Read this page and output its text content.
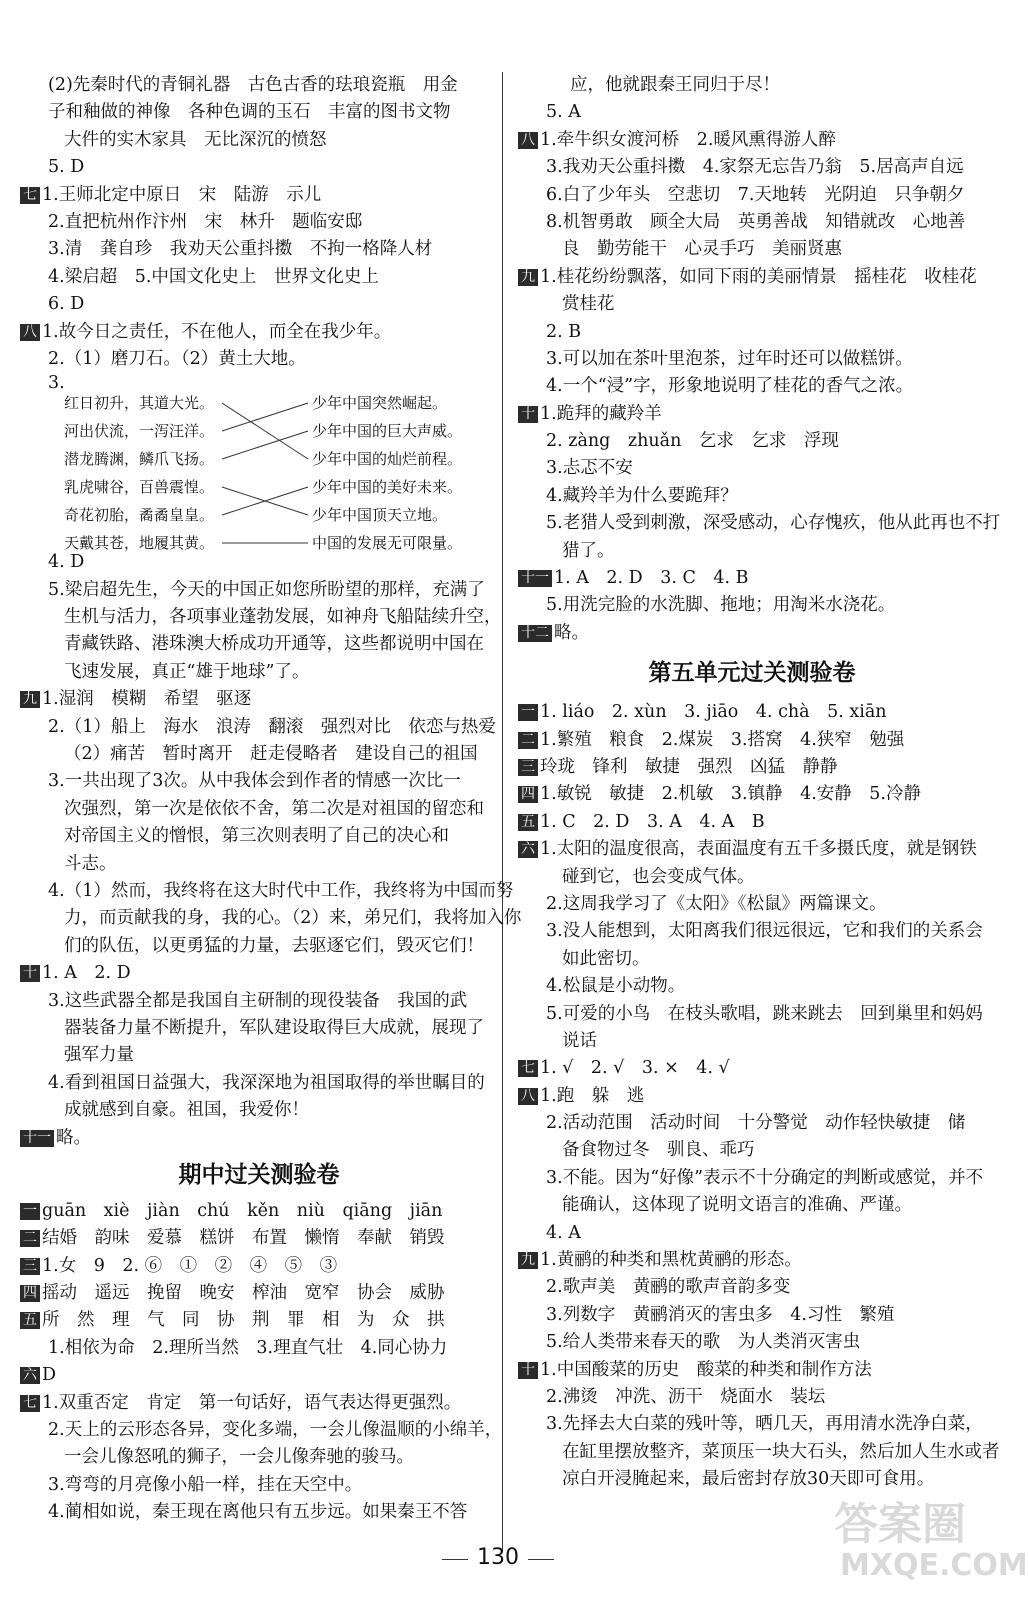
(2)先秦时代的青铜礼器　古色古香的珐琅瓷瓶　用金
子和釉做的神像　各种色调的玉石　丰富的图书文物
大件的实木家具　无比深沉的愤怒
5. D
七 1.王师北定中原日　宋　陆游　示儿
2.直把杭州作汴州　宋　林升　题临安邸
3.清　龚自珍　我劝天公重抖擞　不拘一格降人材
4.梁启超　5.中国文化史上　世界文化史上
6. D
八 1.故今日之责任，不在他人，而全在我少年。
2.（1）磨刀石。（2）黄土大地。
3.
红日初升，其道大光。
河出伏流，一泻汪洋。
潜龙腾渊，鳞爪飞扬。
乳虎啸谷，百兽震惶。
奇花初胎，矞矞皇皇。
天戴其苍，地履其黄。
少年中国突然崛起。
少年中国的巨大声威。
少年中国的灿烂前程。
少年中国的美好未来。
少年中国顶天立地。
中国的发展无可限量。
4. D
5.梁启超先生，今天的中国正如您所盼望的那样，充满了
生机与活力，各项事业蓬勃发展，如神舟飞船陆续升空，
青藏铁路、港珠澳大桥成功开通等，这些都说明中国在
飞速发展，真正“雄于地球”了。
九 1.湿润　模糊　希望　驱逐
2.（1）船上　海水　浪涛　翻滚　强烈对比　依恋与热爱
（2）痛苦　暂时离开　赶走侵略者　建设自己的祖国
3.一共出现了3次。从中我体会到作者的情感一次比一
次强烈，第一次是依依不舍，第二次是对祖国的留恋和
对帝国主义的憎恨，第三次则表明了自己的决心和
斗志。
4.（1）然而，我终将在这大时代中工作，我终将为中国而努
力，而贡献我的身，我的心。（2）来，弟兄们，我将加入你
们的队伍，以更勇猛的力量，去驱逐它们，毁灭它们！
十 1. A　2. D
3.这些武器全都是我国自主研制的现役装备　我国的武
器装备力量不断提升，军队建设取得巨大成就，展现了
强军力量
4.看到祖国日益强大，我深深地为祖国取得的举世瞩目的
成就感到自豪。祖国，我爱你！
十一 略。
期中过关测验卷
一 guān　xiè　jiàn　chú　kěn　niù　qiāng　jiān
二 结婚　韵味　爱慕　糕饼　布置　懒惰　奉献　销毁
三 1.女　9　2. ⑥　①　②　④　⑤　③
四 摇动　遥远　挽留　晚安　榨油　宽窄　协会　威胁
五 所　然　理　气　同　协　荆　罪　相　为　众　拱
1.相依为命　2.理所当然　3.理直气壮　4.同心协力
六 D
七 1.双重否定　肯定　第一句话好，语气表达得更强烈。
2.天上的云形态各异，变化多端，一会儿像温顺的小绵羊，
一会儿像怒吼的狮子，一会儿像奔驰的骏马。
3.弯弯的月亮像小船一样，挂在天空中。
4.蔺相如说，秦王现在离他只有五步远。如果秦王不答
应，他就跟秦王同归于尽！
5. A
八 1.牵牛织女渡河桥　2.暖风熏得游人醉
3.我劝天公重抖擞　4.家祭无忘告乃翁　5.居高声自远
6.白了少年头　空悲切　7.天地转　光阴迫　只争朝夕
8.机智勇敢　顾全大局　英勇善战　知错就改　心地善
良　勤劳能干　心灵手巧　美丽贤惠
九 1.桂花纷纷飘落，如同下雨的美丽情景　摇桂花　收桂花
赏桂花
2. B
3.可以加在茶叶里泡茶，过年时还可以做糕饼。
4.一个“浸”字，形象地说明了桂花的香气之浓。
十 1.跪拜的藏羚羊
2. zàng　zhuǎn　乞求　乞求　浮现
3.忐忑不安
4.藏羚羊为什么要跪拜？
5.老猎人受到刺激，深受感动，心存愧疚，他从此再也不打
猎了。
十一 1. A　2. D　3. C　4. B
5.用洗完脸的水洗脚、拖地；用淘米水浇花。
十二 略。
第五单元过关测验卷
一 1. liáo　2. xùn　3. jiāo　4. chà　5. xiān
二 1.繁殖　粮食　2.煤炭　3.搭窝　4.狭窄　勉强
三 玲珑　锋利　敏捷　强烈　凶猛　静静
四 1.敏锐　敏捷　2.机敏　3.镇静　4.安静　5.冷静
五 1. C　2. D　3. A　4. A　B
六 1.太阳的温度很高，表面温度有五千多摄氏度，就是钢铁
碰到它，也会变成气体。
2.这周我学习了《太阳》《松鼠》两篇课文。
3.没人能想到，太阳离我们很远很远，它和我们的关系会
如此密切。
4.松鼠是小动物。
5.可爱的小鸟　在枝头歌唱，跳来跳去　回到巢里和妈妈
说话
七 1. √　2. √　3. ×　4. √
八 1.跑　躲　逃
2.活动范围　活动时间　十分警觉　动作轻快敏捷　储
备食物过冬　驯良、乖巧
3.不能。因为“好像”表示不十分确定的判断或感觉，并不
能确认，这体现了说明文语言的准确、严谨。
4. A
九 1.黄鹂的种类和黑枕黄鹂的形态。
2.歌声美　黄鹂的歌声音韵多变
3.列数字　黄鹂消灭的害虫多　4.习性　繁殖
5.给人类带来春天的歌　为人类消灭害虫
十 1.中国酸菜的历史　酸菜的种类和制作方法
2.沸烫　冲洗、沥干　烧面水　装坛
3.先择去大白菜的残叶等，晒几天，再用清水洗净白菜，
在缸里摆放整齐，菜顶压一块大石头，然后加人生水或者
凉白开浸腌起来，最后密封存放30天即可食用。
130
答案圈
MXQE.COM
